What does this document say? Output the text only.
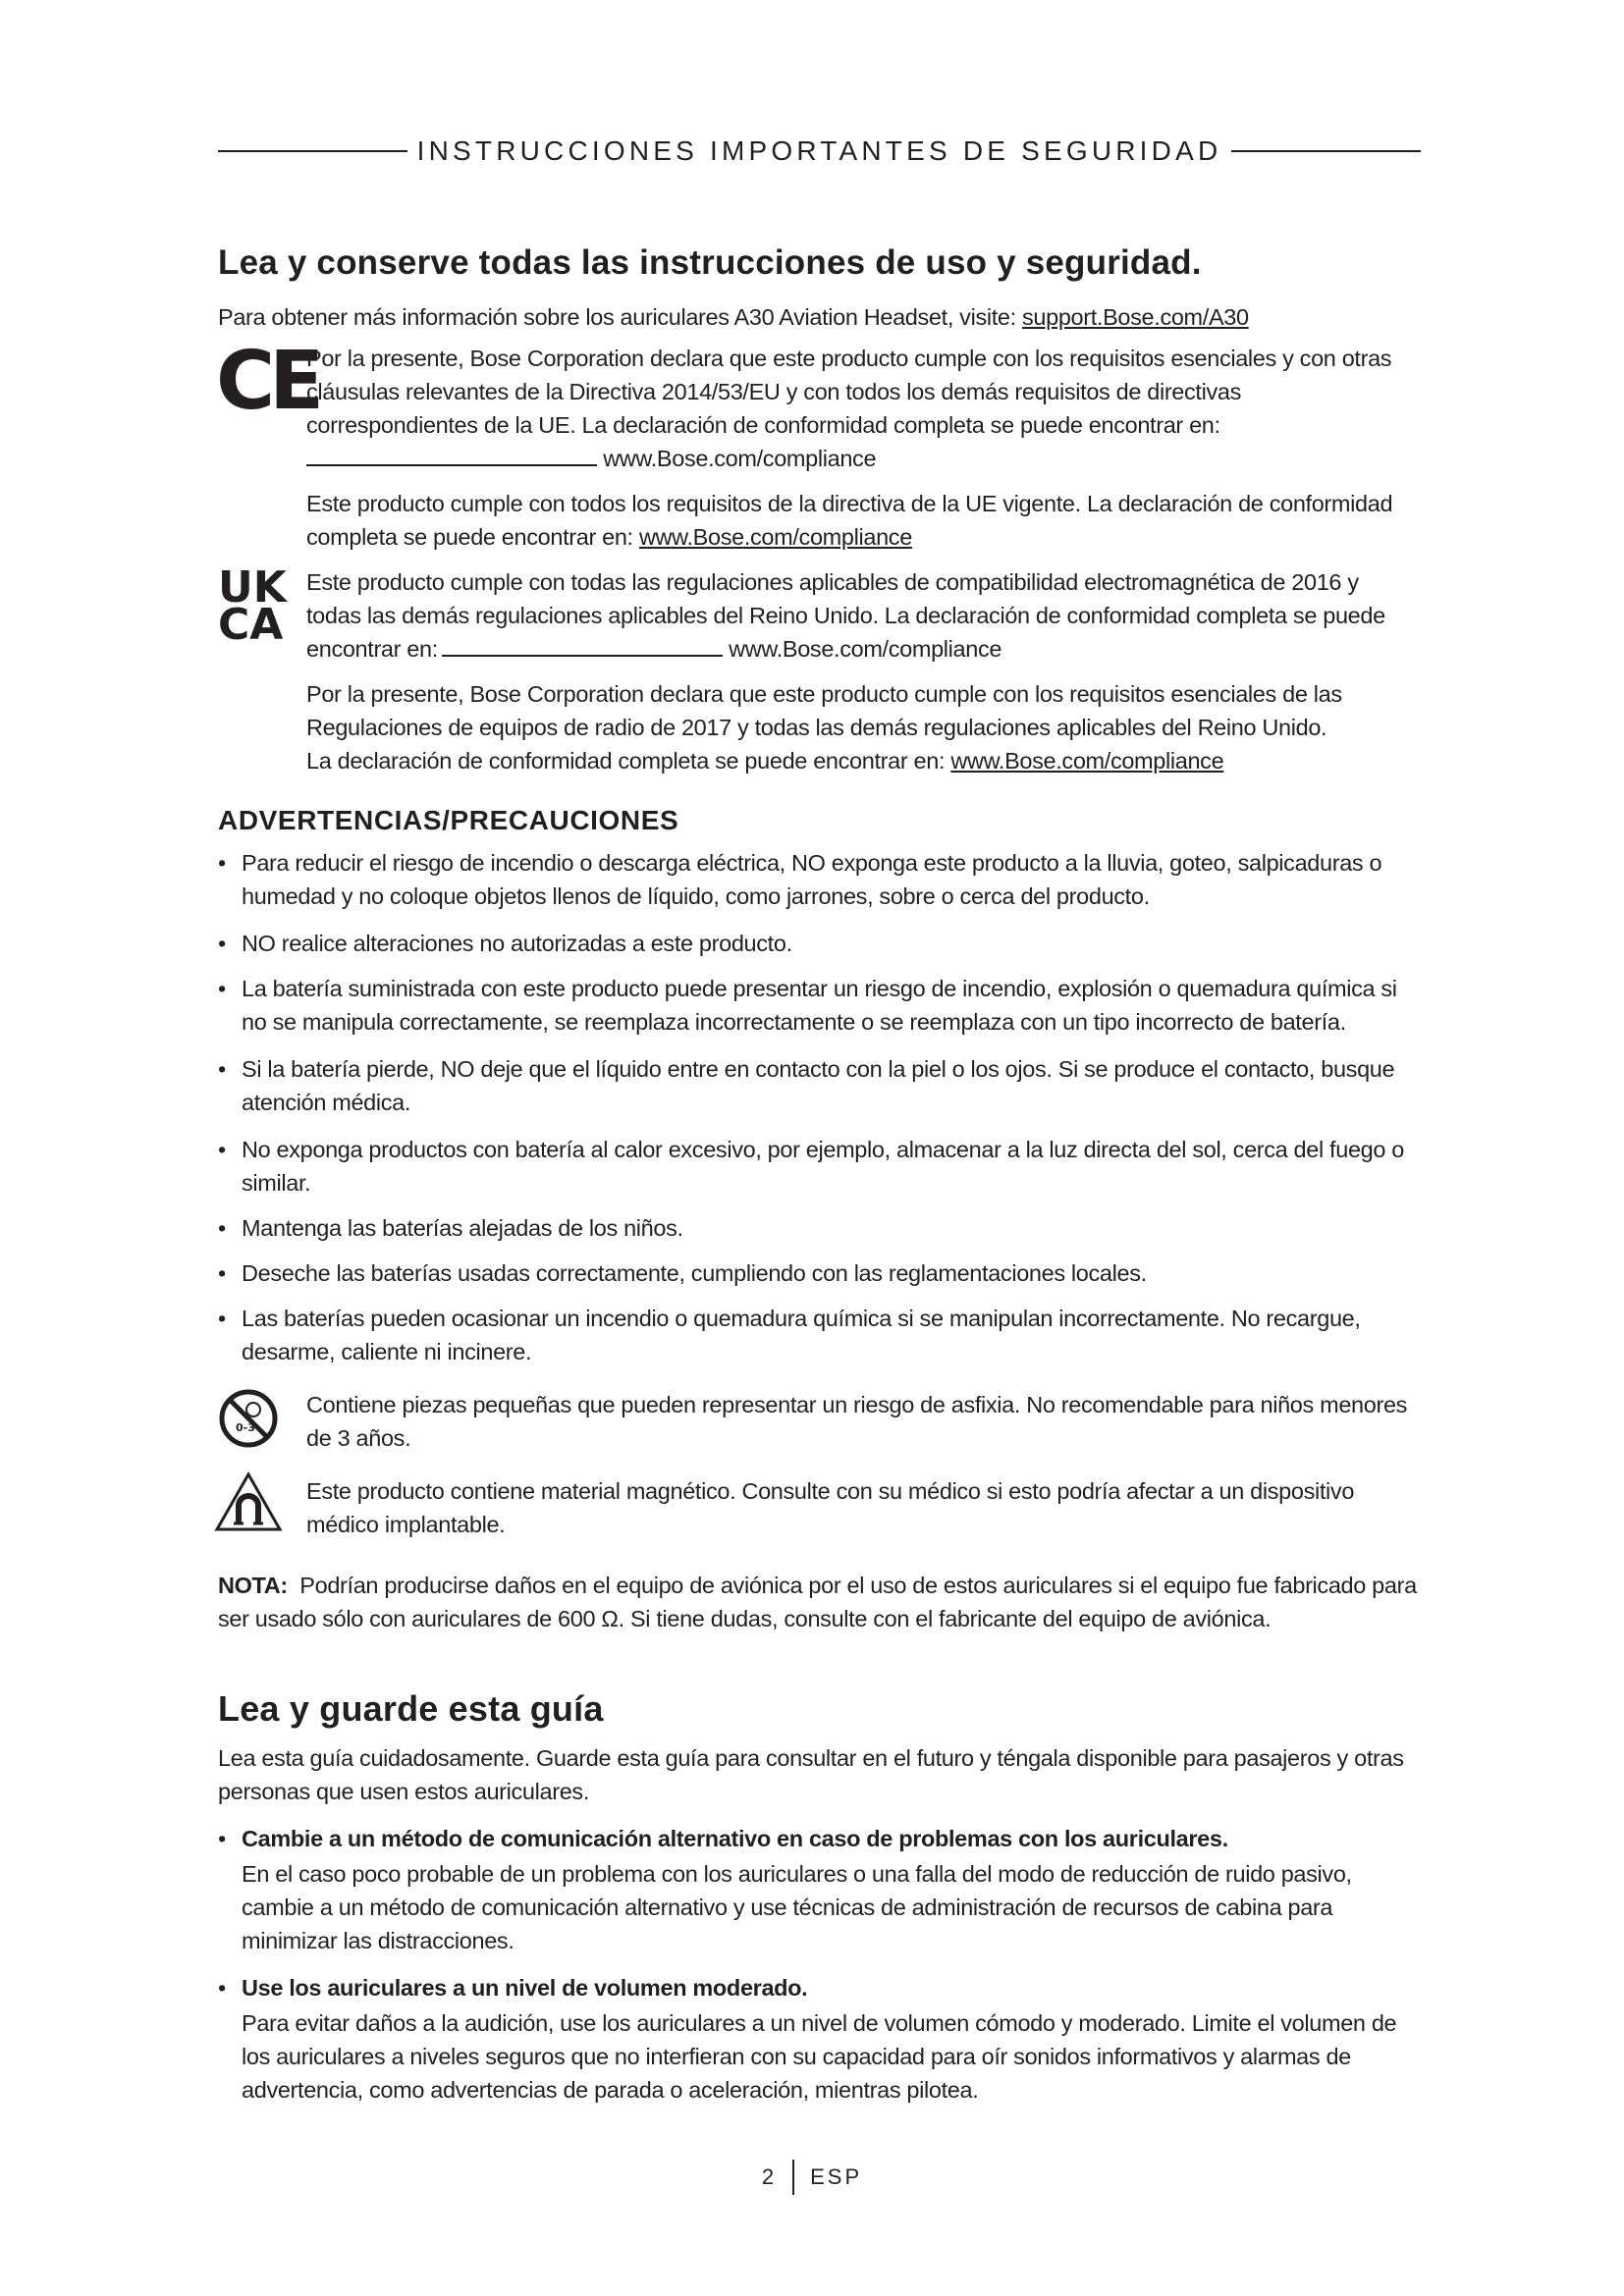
INSTRUCCIONES IMPORTANTES DE SEGURIDAD
Lea y conserve todas las instrucciones de uso y seguridad.
Para obtener más información sobre los auriculares A30 Aviation Headset, visite: support.Bose.com/A30
CE
Por la presente, Bose Corporation declara que este producto cumple con los requisitos esenciales y con otras
cláusulas relevantes de la Directiva 2014/53/EU y con todos los demás requisitos de directivas
correspondientes de la UE. La declaración de conformidad completa se puede encontrar en:
www.Bose.com/compliance
Este producto cumple con todos los requisitos de la directiva de la UE vigente. La declaración de conformidad
completa se puede encontrar en: www.Bose.com/compliance
UK
CA
Este producto cumple con todas las regulaciones aplicables de compatibilidad electromagnética de 2016 y
todas las demás regulaciones aplicables del Reino Unido. La declaración de conformidad completa se puede
encontrar en:	www.Bose.com/compliance
Por la presente, Bose Corporation declara que este producto cumple con los requisitos esenciales de las
Regulaciones de equipos de radio de 2017 y todas las demás regulaciones aplicables del Reino Unido.
La declaración de conformidad completa se puede encontrar en: www.Bose.com/compliance
ADVERTENCIAS/PRECAUCIONES
• Para reducir el riesgo de incendio o descarga eléctrica, NO exponga este producto a la lluvia, goteo, salpicaduras o humedad y no coloque objetos llenos de líquido, como jarrones, sobre o cerca del producto.
• NO realice alteraciones no autorizadas a este producto.
• La batería suministrada con este producto puede presentar un riesgo de incendio, explosión o quemadura química si no se manipula correctamente, se reemplaza incorrectamente o se reemplaza con un tipo incorrecto de batería.
• Si la batería pierde, NO deje que el líquido entre en contacto con la piel o los ojos. Si se produce el contacto, busque atención médica.
• No exponga productos con batería al calor excesivo, por ejemplo, almacenar a la luz directa del sol, cerca del fuego o similar.
• Mantenga las baterías alejadas de los niños.
• Deseche las baterías usadas correctamente, cumpliendo con las reglamentaciones locales.
• Las baterías pueden ocasionar un incendio o quemadura química si se manipulan incorrectamente. No recargue, desarme, caliente ni incinere.
0-3
Contiene piezas pequeñas que pueden representar un riesgo de asfixia. No recomendable para niños menores de 3 años.
Este producto contiene material magnético. Consulte con su médico si esto podría afectar a un dispositivo médico implantable.
NOTA: Podrían producirse daños en el equipo de aviónica por el uso de estos auriculares si el equipo fue fabricado para ser usado sólo con auriculares de 600 Ω. Si tiene dudas, consulte con el fabricante del equipo de aviónica.
Lea y guarde esta guía
Lea esta guía cuidadosamente. Guarde esta guía para consultar en el futuro y téngala disponible para pasajeros y otras personas que usen estos auriculares.
• Cambie a un método de comunicación alternativo en caso de problemas con los auriculares.
En el caso poco probable de un problema con los auriculares o una falla del modo de reducción de ruido pasivo, cambie a un método de comunicación alternativo y use técnicas de administración de recursos de cabina para minimizar las distracciones.
• Use los auriculares a un nivel de volumen moderado.
Para evitar daños a la audición, use los auriculares a un nivel de volumen cómodo y moderado. Limite el volumen de los auriculares a niveles seguros que no interfieran con su capacidad para oír sonidos informativos y alarmas de advertencia, como advertencias de parada o aceleración, mientras pilotea.
2 ESP
